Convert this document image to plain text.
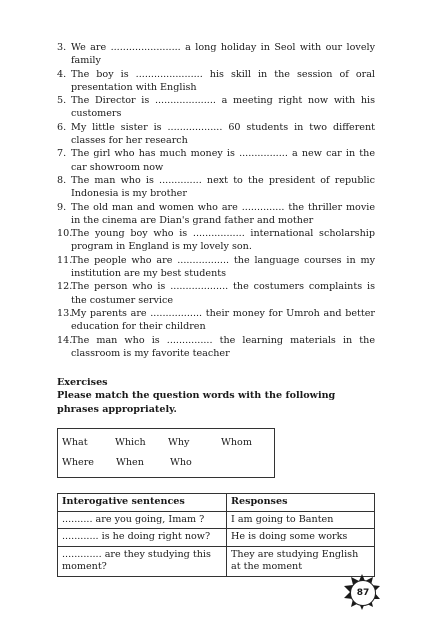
3. We are ....................... a long holiday in Seol with our lovely family
4. The boy is ...................... his skill in the session of oral presentation with English
5. The Director is .................... a meeting right now with his customers
6. My little sister is .................. 60 students in two different classes for her research
7. The girl who has much money is ................ a new car in the car showroom now
8. The man who is .............. next to the president of republic Indonesia is my brother
9. The old man and women who are .............. the thriller movie in the cinema are Dian's grand father and mother
10.
The young boy who is ................. international scholarship program in England is my lovely son.
11.
The people who are ................. the language courses in my institution are my best students
12.
The person who is ................... the costumers complaints is the costumer service
13.
My parents are ................. their money for Umroh and better education for their children
14.
The man who is ............... the learning materials in the classroom is my favorite teacher
Exercises
Please match the question words with the following phrases appropriately.
What	Which	Why	Whom
Where	When	Who
Interogative sentences	Responses
.......... are you going, Imam ?	I am going to Banten
............ is he doing right now?	He is doing some works
............. are they studying this moment?	They are studying English at the moment
87
